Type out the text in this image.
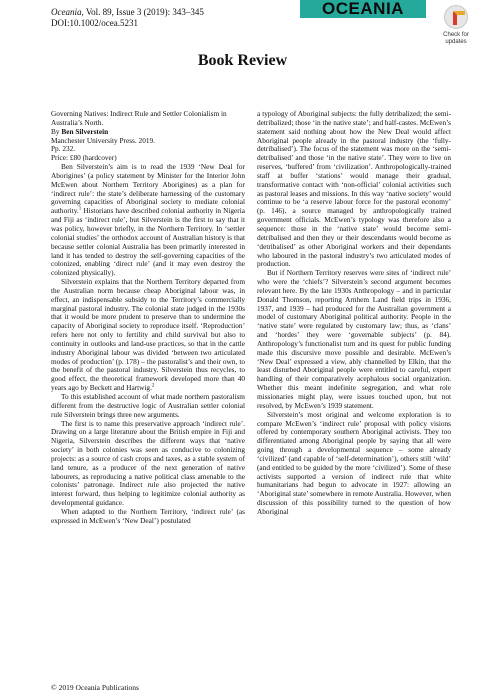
Oceania, Vol. 89, Issue 3 (2019): 343–345
DOI:10.1002/ocea.5231
OCEANIA
Check for updates
Book Review
Governing Natives: Indirect Rule and Settler Colonialism in Australia’s North.
By Ben Silverstein
Manchester University Press. 2019.
Pp. 232.
Price: £80 (hardcover)

Ben Silverstein’s aim is to read the 1939 ‘New Deal for Aborigines’ (a policy statement by Minister for the Interior John McEwen about Northern Territory Aborigines) as a plan for ‘indirect rule’: the state’s deliberate harnessing of the customary governing capacities of Aboriginal society to mediate colonial authority.$^1$ Historians have described colonial authority in Nigeria and Fiji as ‘indirect rule’, but Silverstein is the first to say that it was policy, however briefly, in the Northern Territory. In ‘settler colonial studies’ the orthodox account of Australian history is that because settler colonial Australia has been primarily interested in land it has tended to destroy the self-governing capacities of the colonized, enabling ‘direct rule’ (and it may even destroy the colonized physically).

Silverstein explains that the Northern Territory departed from the Australian norm because cheap Aboriginal labour was, in effect, an indispensable subsidy to the Territory’s commercially marginal pastoral industry. The colonial state judged in the 1930s that it would be more prudent to preserve than to undermine the capacity of Aboriginal society to reproduce itself. ‘Reproduction’ refers here not only to fertility and child survival but also to continuity in outlooks and land-use practices, so that in the cattle industry Aboriginal labour was divided ‘between two articulated modes of production’ (p. 178) – the pastoralist’s and their own, to the benefit of the pastoral industry. Silverstein thus recycles, to good effect, the theoretical framework developed more than 40 years ago by Beckett and Hartwig.$^2$

To this established account of what made northern pastoralism different from the destructive logic of Australian settler colonial rule Silverstein brings three new arguments.

The first is to name this preservative approach ‘indirect rule’. Drawing on a large literature about the British empire in Fiji and Nigeria, Silverstein describes the different ways that ‘native society’ in both colonies was seen as conducive to colonizing projects: as a source of cash crops and taxes, as a stable system of land tenure, as a producer of the next generation of native labourers, as reproducing a native political class amenable to the colonists’ patronage. Indirect rule also projected the native interest forward, thus helping to legitimize colonial authority as developmental guidance.

When adapted to the Northern Territory, ‘indirect rule’ (as expressed in McEwen’s ‘New Deal’) postulated

a typology of Aboriginal subjects: the fully detribalized; the semi-detribalized; those ‘in the native state’; and half-castes. McEwen’s statement said nothing about how the New Deal would affect Aboriginal people already in the pastoral industry (the ‘fully-detribalised’). The focus of the statement was more on the ‘semi-detribalised’ and those ‘in the native state’. They were to live on reserves, ‘buffered’ from ‘civilization’. Anthropologically-trained staff at buffer ‘stations’ would manage their gradual, transformative contact with ‘non-official’ colonial activities such as pastoral leases and missions. In this way ‘native society’ would continue to be ‘a reserve labour force for the pastoral economy’ (p. 146), a source managed by anthropologically trained government officials. McEwen’s typology was therefore also a sequence: those in the ‘native state’ would become semi-detribalised and then they or their descendants would become as ‘detribalised’ as other Aboriginal workers and their dependants who laboured in the pastoral industry’s two articulated modes of production.

But if Northern Territory reserves were sites of ‘indirect rule’ who were the ‘chiefs’? Silverstein’s second argument becomes relevant here. By the late 1930s Anthropology – and in particular Donald Thomson, reporting Arnhem Land field trips in 1936, 1937, and 1939 – had produced for the Australian government a model of customary Aboriginal political authority. People in the ‘native state’ were regulated by customary law; thus, as ‘clans’ and ‘hordes’ they were ‘governable subjects’ (p. 84). Anthropology’s functionalist turn and its quest for public funding made this discursive move possible and desirable. McEwen’s ‘New Deal’ expressed a view, ably channelled by Elkin, that the least disturbed Aboriginal people were entitled to careful, expert handling of their comparatively acephalous social organization. Whether this meant indefinite segregation, and what role missionaries might play, were issues touched upon, but not resolved, by McEwen’s 1939 statement.

Silverstein’s most original and welcome exploration is to compare McEwen’s ‘indirect rule’ proposal with policy visions offered by contemporary southern Aboriginal activists. They too differentiated among Aboriginal people by saying that all were going through a developmental sequence – some already ‘civilized’ (and capable of ‘self-determination’), others still ‘wild’ (and entitled to be guided by the more ‘civilized’). Some of these activists supported a version of indirect rule that white humanitarians had begun to advocate in 1927: allowing an ‘Aboriginal state’ somewhere in remote Australia. However, when discussion of this possibility turned to the question of how Aboriginal

© 2019 Oceania Publications
